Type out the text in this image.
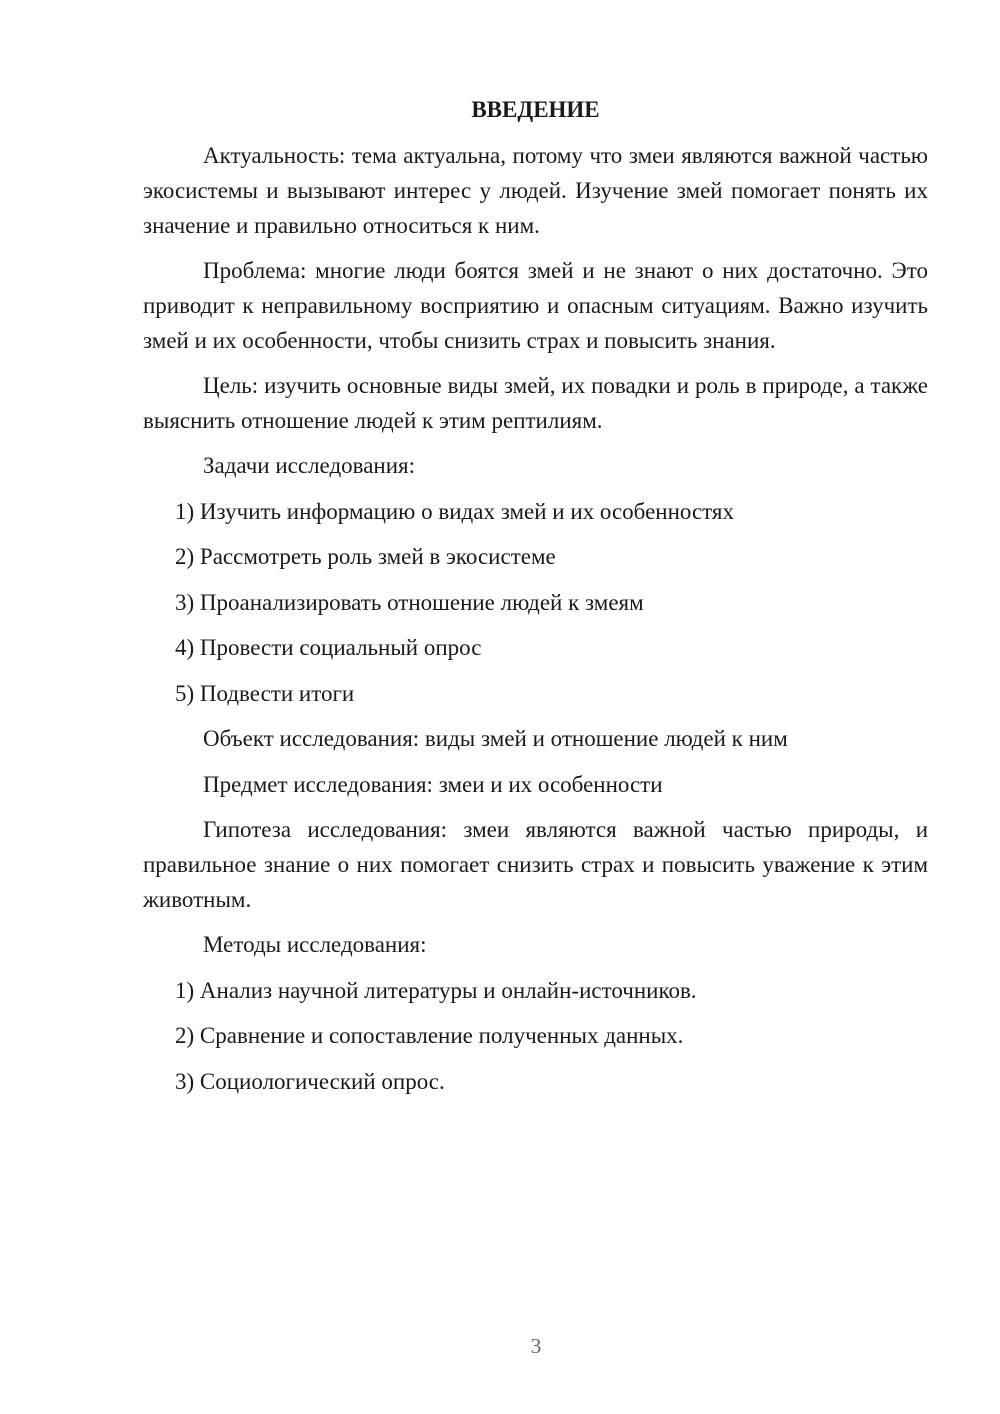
ВВЕДЕНИЕ

Актуальность: тема актуальна, потому что змеи являются важной частью экосистемы и вызывают интерес у людей. Изучение змей помогает понять их значение и правильно относиться к ним.

Проблема: многие люди боятся змей и не знают о них достаточно. Это приводит к неправильному восприятию и опасным ситуациям. Важно изучить змей и их особенности, чтобы снизить страх и повысить знания.

Цель: изучить основные виды змей, их повадки и роль в природе, а также выяснить отношение людей к этим рептилиям.

Задачи исследования:
1) Изучить информацию о видах змей и их особенностях
2) Рассмотреть роль змей в экосистеме
3) Проанализировать отношение людей к змеям
4) Провести социальный опрос
5) Подвести итоги
Объект исследования: виды змей и отношение людей к ним
Предмет исследования: змеи и их особенности

Гипотеза исследования: змеи являются важной частью природы, и правильное знание о них помогает снизить страх и повысить уважение к этим животным.

Методы исследования:
1) Анализ научной литературы и онлайн-источников.
2) Сравнение и сопоставление полученных данных.
3) Социологический опрос.
3
